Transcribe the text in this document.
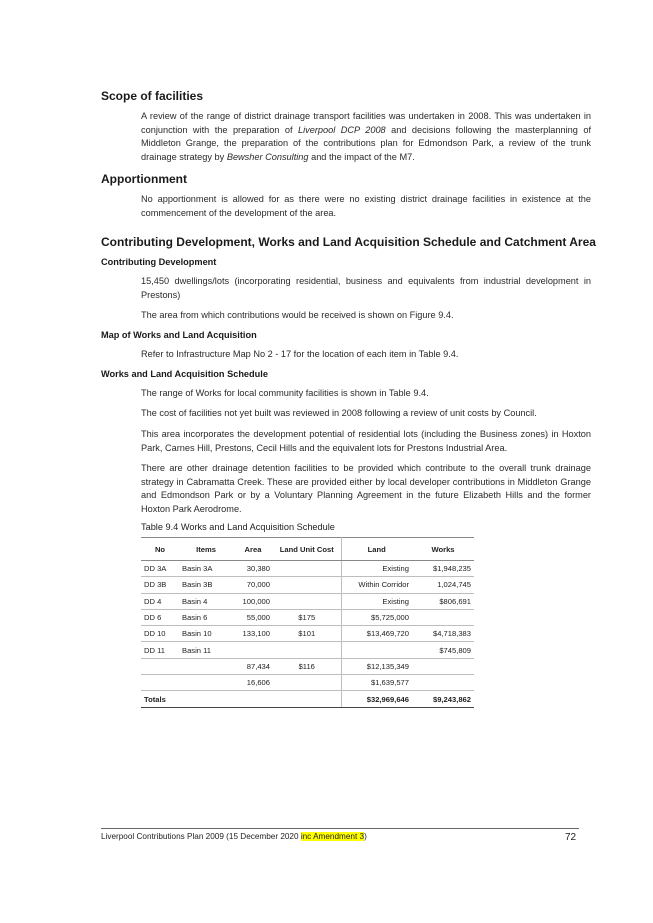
Scope of facilities

A review of the range of district drainage transport facilities was undertaken in 2008. This was undertaken in conjunction with the preparation of Liverpool DCP 2008 and decisions following the masterplanning of Middleton Grange, the preparation of the contributions plan for Edmondson Park, a review of the trunk drainage strategy by Bewsher Consulting and the impact of the M7.

Apportionment

No apportionment is allowed for as there were no existing district drainage facilities in existence at the commencement of the development of the area.

Contributing Development, Works and Land Acquisition Schedule and Catchment Area
Contributing Development

15,450 dwellings/lots (incorporating residential, business and equivalents from industrial development in Prestons)

The area from which contributions would be received is shown on Figure 9.4.

Map of Works and Land Acquisition

Refer to Infrastructure Map No 2 - 17 for the location of each item in Table 9.4.

Works and Land Acquisition Schedule

The range of Works for local community facilities is shown in Table 9.4.

The cost of facilities not yet built was reviewed in 2008 following a review of unit costs by Council.

This area incorporates the development potential of residential lots (including the Business zones) in Hoxton Park, Carnes Hill, Prestons, Cecil Hills and the equivalent lots for Prestons Industrial Area.

There are other drainage detention facilities to be provided which contribute to the overall trunk drainage strategy in Cabramatta Creek. These are provided either by local developer contributions in Middleton Grange and Edmondson Park or by a Voluntary Planning Agreement in the future Elizabeth Hills and the former Hoxton Park Aerodrome.

Table 9.4 Works and Land Acquisition Schedule

No	Items	Area	Land Unit Cost	Land	Works
DD 3A	Basin 3A	30,380		Existing	$1,948,235
DD 3B	Basin 3B	70,000		Within Corridor	1,024,745
DD 4	Basin 4	100,000		Existing	$806,691
DD 6	Basin 6	55,000	$175	$5,725,000	
DD 10	Basin 10	133,100	$101	$13,469,720	$4,718,383
DD 11	Basin 11				$745,809
		87,434	$116	$12,135,349	
		16,606		$1,639,577	
Totals				$32,969,646	$9,243,862
Liverpool Contributions Plan 2009 (15 December 2020 inc Amendment 3)	72
